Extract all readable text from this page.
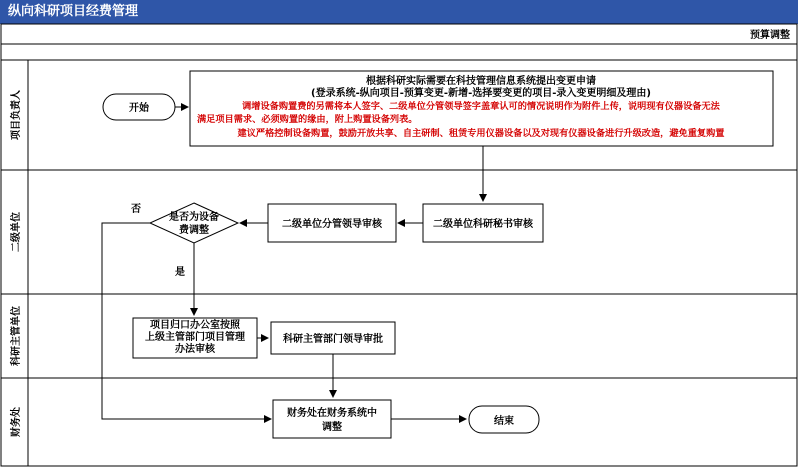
纵向科研项目经费管理
预算调整
项目负责人
二级单位
科研主管单位
财务处
开始
根据科研实际需要在科技管理信息系统提出变更申请
(登录系统-纵向项目-预算变更-新增-选择要变更的项目-录入变更明细及理由)
调增设备购置费的另需将本人签字、二级单位分管领导签字盖章认可的情况说明作为附件上传，说明现有仪器设备无法
满足项目需求、必须购置的缘由，附上购置设备列表。
建议严格控制设备购置，鼓励开放共享、自主研制、租赁专用仪器设备以及对现有仪器设备进行升级改造，避免重复购置
二级单位科研秘书审核
二级单位分管领导审核
是否为设备
费调整
否
是
项目归口办公室按照
上级主管部门项目管理
办法审核
科研主管部门领导审批
财务处在财务系统中
调整
结束
